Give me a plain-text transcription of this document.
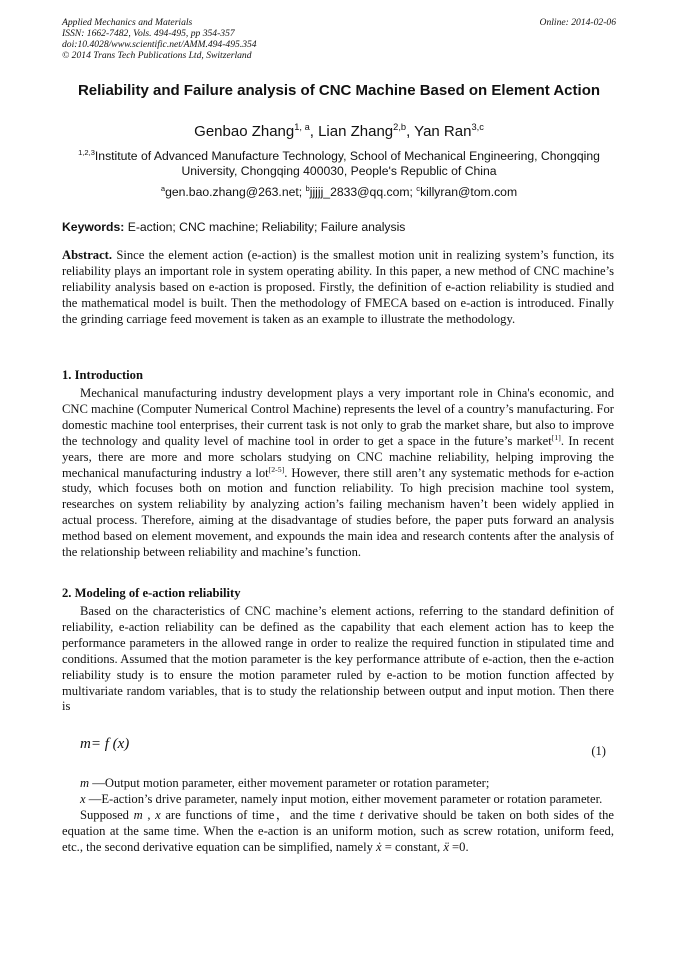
Applied Mechanics and Materials
ISSN: 1662-7482, Vols. 494-495, pp 354-357
doi:10.4028/www.scientific.net/AMM.494-495.354
© 2014 Trans Tech Publications Ltd, Switzerland
Online: 2014-02-06
Reliability and Failure analysis of CNC Machine Based on Element Action
Genbao Zhang$^{1, a}$, Lian Zhang$^{2,b}$, Yan Ran$^{3,c}$
$^{1,2,3}$Institute of Advanced Manufacture Technology, School of Mechanical Engineering, Chongqing University, Chongqing 400030, People's Republic of China
$^a$gen.bao.zhang@263.net; $^b$jjjjj_2833@qq.com; $^c$killyran@tom.com
Keywords: E-action; CNC machine; Reliability; Failure analysis
Abstract. Since the element action (e-action) is the smallest motion unit in realizing system’s function, its reliability plays an important role in system operating ability. In this paper, a new method of CNC machine’s reliability analysis based on e-action is proposed. Firstly, the definition of e-action reliability is studied and the mathematical model is built. Then the methodology of FMECA based on e-action is introduced. Finally the grinding carriage feed movement is taken as an example to illustrate the methodology.
1. Introduction
Mechanical manufacturing industry development plays a very important role in China's economic, and CNC machine (Computer Numerical Control Machine) represents the level of a country’s manufacturing. For domestic machine tool enterprises, their current task is not only to grab the market share, but also to improve the technology and quality level of machine tool in order to get a space in the future’s market[1]. In recent years, there are more and more scholars studying on CNC machine reliability, helping improving the mechanical manufacturing industry a lot[2-5]. However, there still aren’t any systematic methods for e-action study, which focuses both on motion and function reliability. To high precision machine tool system, researches on system reliability by analyzing action’s failing mechanism haven’t been widely applied in actual process. Therefore, aiming at the disadvantage of studies before, the paper puts forward an analysis method based on element movement, and expounds the main idea and research contents after the analysis of the relationship between reliability and machine’s function.
2. Modeling of e-action reliability
Based on the characteristics of CNC machine’s element actions, referring to the standard definition of reliability, e-action reliability can be defined as the capability that each element action has to keep the performance parameters in the allowed range in order to realize the required function in stipulated time and conditions. Assumed that the motion parameter is the key performance attribute of e-action, then the e-action reliability study is to ensure the motion parameter ruled by e-action to be motion function affected by multivariate random variables, that is to study the relationship between output and input motion. Then there is
m= f (x)	(1)

m —Output motion parameter, either movement parameter or rotation parameter;

x —E-action’s drive parameter, namely input motion, either movement parameter or rotation parameter.

Supposed m , x are functions of time，and the time t derivative should be taken on both sides of the equation at the same time. When the e-action is an uniform motion, such as screw rotation, uniform feed, etc., the second derivative equation can be simplified, namely ẋ = constant, ẍ =0.
